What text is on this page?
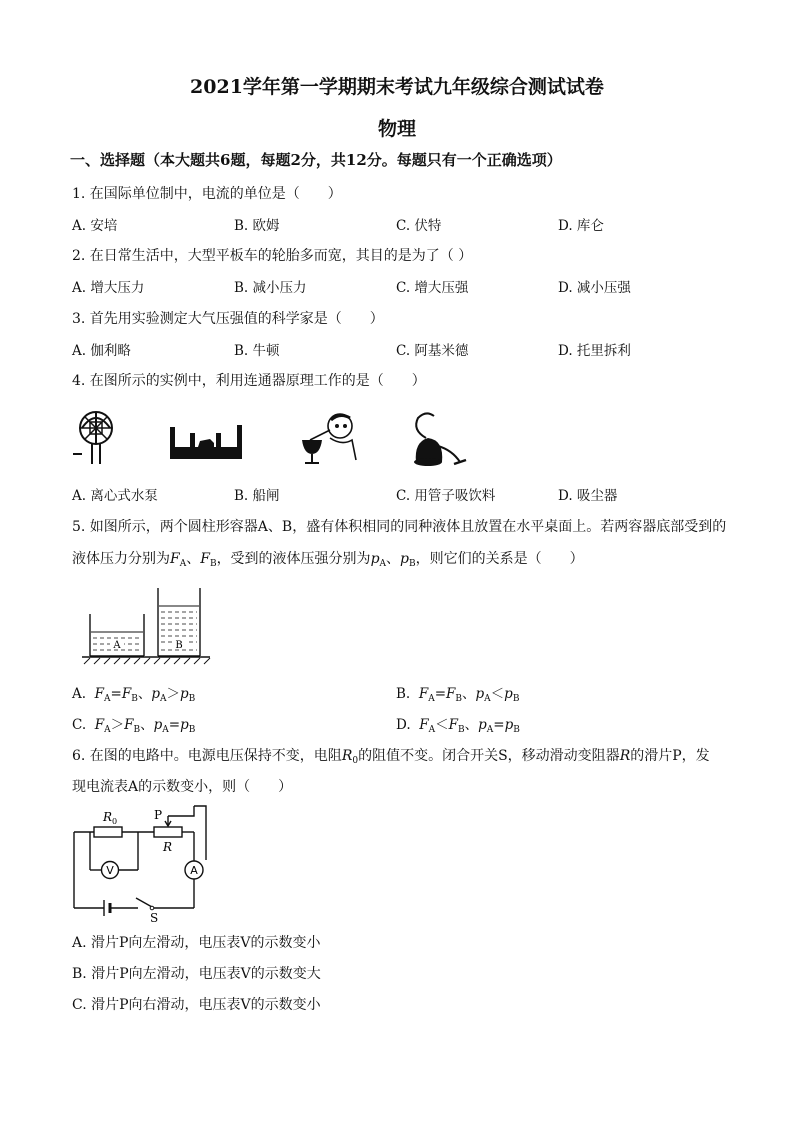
2021学年第一学期期末考试九年级综合测试试卷
物理
一、选择题（本大题共6题，每题2分，共12分。每题只有一个正确选项）
1. 在国际单位制中，电流的单位是（　　）
A. 安培	B. 欧姆	C. 伏特	D. 库仑
2. 在日常生活中，大型平板车的轮胎多而宽，其目的是为了（ ）
A. 增大压力	B. 减小压力	C. 增大压强	D. 减小压强
3. 首先用实验测定大气压强值的科学家是（　　）
A. 伽利略	B. 牛顿	C. 阿基米德	D. 托里拆利
4. 在图所示的实例中，利用连通器原理工作的是（　　）
A. 离心式水泵	B. 船闸	C. 用管子吸饮料	D. 吸尘器
5. 如图所示，两个圆柱形容器A、B，盛有体积相同的同种液体且放置在水平桌面上。若两容器底部受到的
液体压力分别为$F_A$、$F_B$，受到的液体压强分别为$p_A$、$p_B$，则它们的关系是（　　）
A	B
A. $F_A=F_B$、$p_A>p_B$	B. $F_A=F_B$、$p_A<p_B$
C. $F_A>F_B$、$p_A=p_B$	D. $F_A<F_B$、$p_A=p_B$
6. 在图的电路中。电源电压保持不变，电阻$R_0$的阻值不变。闭合开关S，移动滑动变阻器R的滑片P，发
现电流表A的示数变小，则（　　）
$R_0$	P
R
V	A
S
A. 滑片P向左滑动，电压表V的示数变小
B. 滑片P向左滑动，电压表V的示数变大
C. 滑片P向右滑动，电压表V的示数变小
